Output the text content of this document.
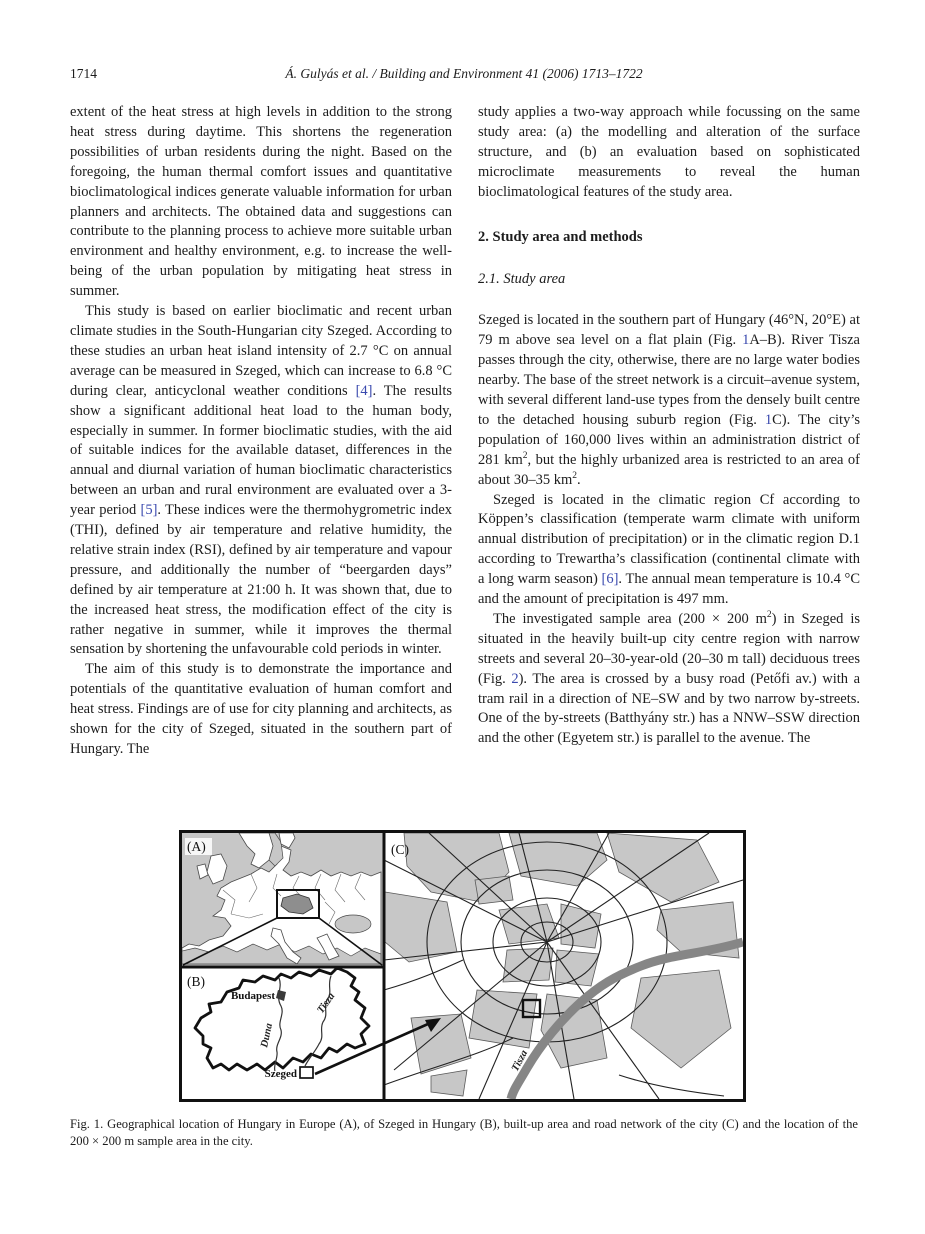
1714	Á. Gulyás et al. / Building and Environment 41 (2006) 1713–1722

extent of the heat stress at high levels in addition to the strong heat stress during daytime. This shortens the regeneration possibilities of urban residents during the night. Based on the foregoing, the human thermal comfort issues and quantitative bioclimatological indices generate valuable information for urban planners and architects. The obtained data and suggestions can contribute to the planning process to achieve more suitable urban environment and healthy environment, e.g. to increase the well-being of the urban population by mitigating heat stress in summer.

This study is based on earlier bioclimatic and recent urban climate studies in the South-Hungarian city Szeged. According to these studies an urban heat island intensity of 2.7 °C on annual average can be measured in Szeged, which can increase to 6.8 °C during clear, anticyclonal weather conditions [4]. The results show a significant additional heat load to the human body, especially in summer. In former bioclimatic studies, with the aid of suitable indices for the available dataset, differences in the annual and diurnal variation of human bioclimatic characteristics between an urban and rural environment are evaluated over a 3-year period [5]. These indices were the thermohygrometric index (THI), defined by air temperature and relative humidity, the relative strain index (RSI), defined by air temperature and vapour pressure, and additionally the number of “beergarden days” defined by air temperature at 21:00 h. It was shown that, due to the increased heat stress, the modification effect of the city is rather negative in summer, while it improves the thermal sensation by shortening the unfavourable cold periods in winter.

The aim of this study is to demonstrate the importance and potentials of the quantitative evaluation of human comfort and heat stress. Findings are of use for city planning and architects, as shown for the city of Szeged, situated in the southern part of Hungary. The

study applies a two-way approach while focussing on the same study area: (a) the modelling and alteration of the surface structure, and (b) an evaluation based on sophisticated microclimate measurements to reveal the human bioclimatological features of the study area.

2. Study area and methods
2.1. Study area

Szeged is located in the southern part of Hungary (46°N, 20°E) at 79 m above sea level on a flat plain (Fig. 1A–B). River Tisza passes through the city, otherwise, there are no large water bodies nearby. The base of the street network is a circuit–avenue system, with several different land-use types from the densely built centre to the detached housing suburb region (Fig. 1C). The city’s population of 160,000 lives within an administration district of 281 $km^2$, but the highly urbanized area is restricted to an area of about 30–35 $km^2$.

Szeged is located in the climatic region Cf according to Köppen’s classification (temperate warm climate with uniform annual distribution of precipitation) or in the climatic region D.1 according to Trewartha’s classification (continental climate with a long warm season) [6]. The annual mean temperature is 10.4 °C and the amount of precipitation is 497 mm.

The investigated sample area (200 × 200 $m^2$) in Szeged is situated in the heavily built-up city centre region with narrow streets and several 20–30-year-old (20–30 m tall) deciduous trees (Fig. 2). The area is crossed by a busy road (Petőfi av.) with a tram rail in a direction of NE–SW and by two narrow by-streets. One of the by-streets (Batthyány str.) has a NNW–SSW direction and the other (Egyetem str.) is parallel to the avenue. The

(A)
Budapest
Szeged
Duna
Tisza
(B)
Tisza
(C)
Fig. 1. Geographical location of Hungary in Europe (A), of Szeged in Hungary (B), built-up area and road network of the city (C) and the location of the 200 × 200 m sample area in the city.
